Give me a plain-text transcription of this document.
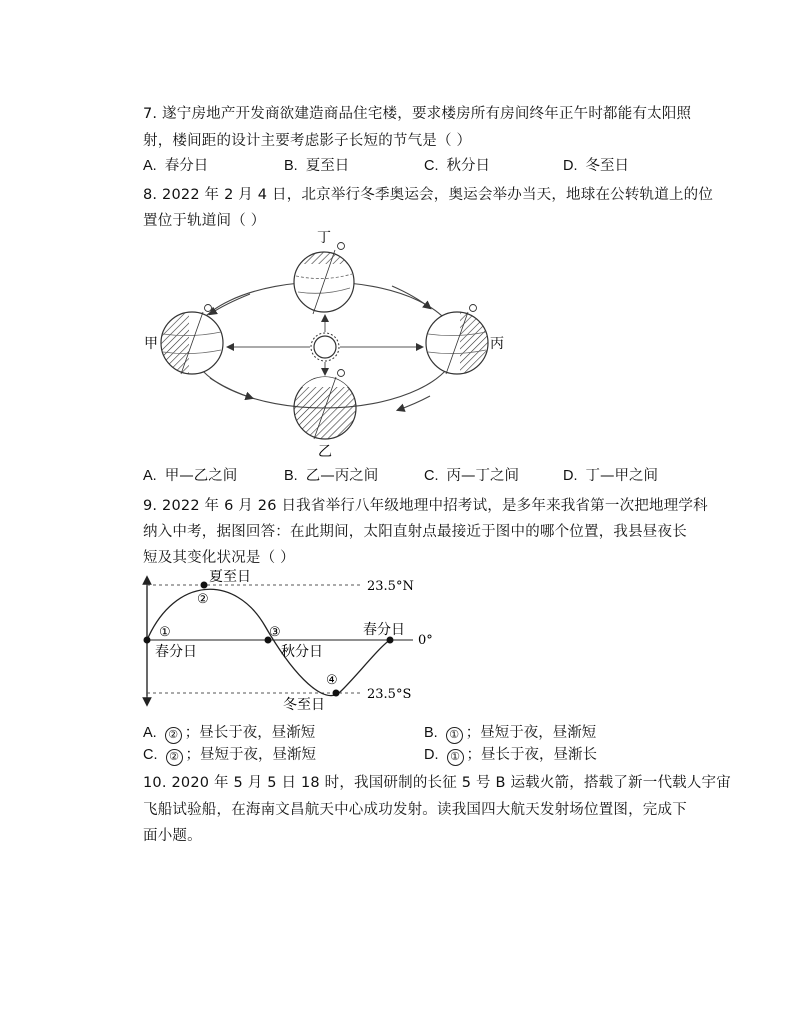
7. 遂宁房地产开发商欲建造商品住宅楼，要求楼房所有房间终年正午时都能有太阳照
射，楼间距的设计主要考虑影子长短的节气是（ ）
A. 春分日	B. 夏至日	C. 秋分日	D. 冬至日
8. 2022 年 2 月 4 日，北京举行冬季奥运会，奥运会举办当天，地球在公转轨道上的位
置位于轨道间（ ）
丁
甲	丙
乙
A. 甲—乙之间	B. 乙—丙之间	C. 丙—丁之间	D. 丁—甲之间
9. 2022 年 6 月 26 日我省举行八年级地理中招考试，是多年来我省第一次把地理学科
纳入中考，据图回答：在此期间，太阳直射点最接近于图中的哪个位置，我县昼夜长
短及其变化状况是（ ）
夏至日
②
①
春分日
③
秋分日
春分日
④
冬至日
23.5°N
23.5°S
0°
A. ② ；昼长于夜，昼渐短	B. ① ；昼短于夜，昼渐短
C. ② ；昼短于夜，昼渐短	D. ① ；昼长于夜，昼渐长
10. 2020 年 5 月 5 日 18 时，我国研制的长征 5 号 B 运载火箭，搭载了新一代载人宇宙
飞船试验船，在海南文昌航天中心成功发射。读我国四大航天发射场位置图，完成下
面小题。
